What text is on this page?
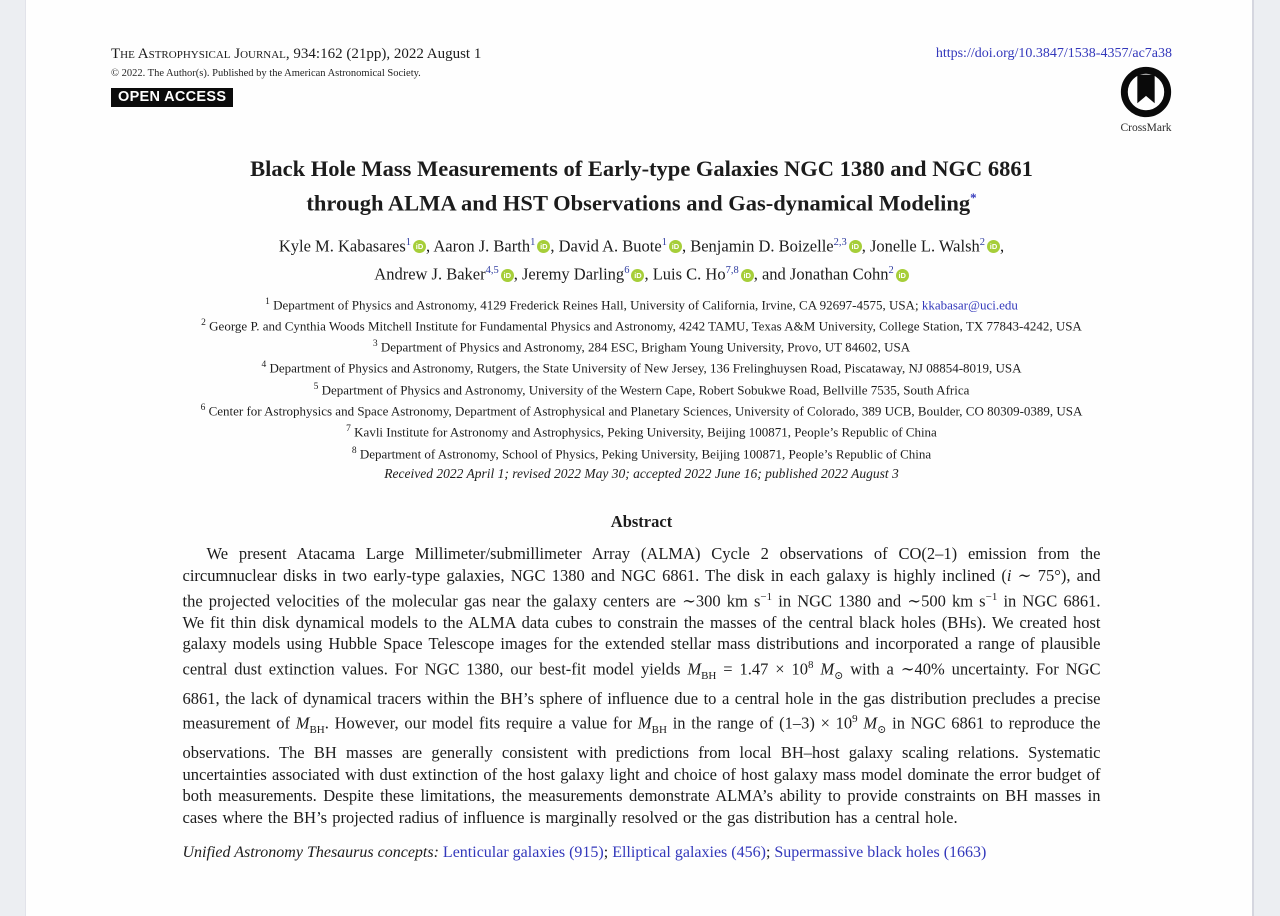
The Astrophysical Journal, 934:162 (21pp), 2022 August 1
© 2022. The Author(s). Published by the American Astronomical Society.
OPEN ACCESS
https://doi.org/10.3847/1538-4357/ac7a38
CrossMark
Black Hole Mass Measurements of Early-type Galaxies NGC 1380 and NGC 6861
through ALMA and HST Observations and Gas-dynamical Modeling*
Kyle M. Kabasares$^1$ iD , Aaron J. Barth$^1$ iD , David A. Buote$^1$ iD , Benjamin D. Boizelle$^{2,3}$ iD , Jonelle L. Walsh$^2$ iD ,
Andrew J. Baker$^{4,5}$ iD , Jeremy Darling$^6$ iD , Luis C. Ho$^{7,8}$ iD , and Jonathan Cohn$^2$ iD
$^1$ Department of Physics and Astronomy, 4129 Frederick Reines Hall, University of California, Irvine, CA 92697-4575, USA; kkabasar@uci.edu
$^2$ George P. and Cynthia Woods Mitchell Institute for Fundamental Physics and Astronomy, 4242 TAMU, Texas A&M University, College Station, TX 77843-4242, USA
$^3$ Department of Physics and Astronomy, 284 ESC, Brigham Young University, Provo, UT 84602, USA
$^4$ Department of Physics and Astronomy, Rutgers, the State University of New Jersey, 136 Frelinghuysen Road, Piscataway, NJ 08854-8019, USA
$^5$ Department of Physics and Astronomy, University of the Western Cape, Robert Sobukwe Road, Bellville 7535, South Africa
$^6$ Center for Astrophysics and Space Astronomy, Department of Astrophysical and Planetary Sciences, University of Colorado, 389 UCB, Boulder, CO 80309-0389, USA
$^7$ Kavli Institute for Astronomy and Astrophysics, Peking University, Beijing 100871, People’s Republic of China
$^8$ Department of Astronomy, School of Physics, Peking University, Beijing 100871, People’s Republic of China
Received 2022 April 1; revised 2022 May 30; accepted 2022 June 16; published 2022 August 3
Abstract

We present Atacama Large Millimeter/submillimeter Array (ALMA) Cycle 2 observations of CO(2–1) emission from the circumnuclear disks in two early-type galaxies, NGC 1380 and NGC 6861. The disk in each galaxy is highly inclined (i ∼ 75°), and the projected velocities of the molecular gas near the galaxy centers are ∼300 km $s^{-1}$ in NGC 1380 and ∼500 km $s^{-1}$ in NGC 6861. We fit thin disk dynamical models to the ALMA data cubes to constrain the masses of the central black holes (BHs). We created host galaxy models using Hubble Space Telescope images for the extended stellar mass distributions and incorporated a range of plausible central dust extinction values. For NGC 1380, our best-fit model yields $M_{BH} = 1.47 \times 10^8$ $M_⊙$ with a ∼40% uncertainty. For NGC 6861, the lack of dynamical tracers within the BH’s sphere of influence due to a central hole in the gas distribution precludes a precise measurement of $M_{BH}$. However, our model fits require a value for $M_{BH}$ in the range of $(1-3) \times 10^9$ $M_⊙$ in NGC 6861 to reproduce the observations. The BH masses are generally consistent with predictions from local BH–host galaxy scaling relations. Systematic uncertainties associated with dust extinction of the host galaxy light and choice of host galaxy mass model dominate the error budget of both measurements. Despite these limitations, the measurements demonstrate ALMA’s ability to provide constraints on BH masses in cases where the BH’s projected radius of influence is marginally resolved or the gas distribution has a central hole.

Unified Astronomy Thesaurus concepts: Lenticular galaxies (915); Elliptical galaxies (456); Supermassive black holes (1663)
